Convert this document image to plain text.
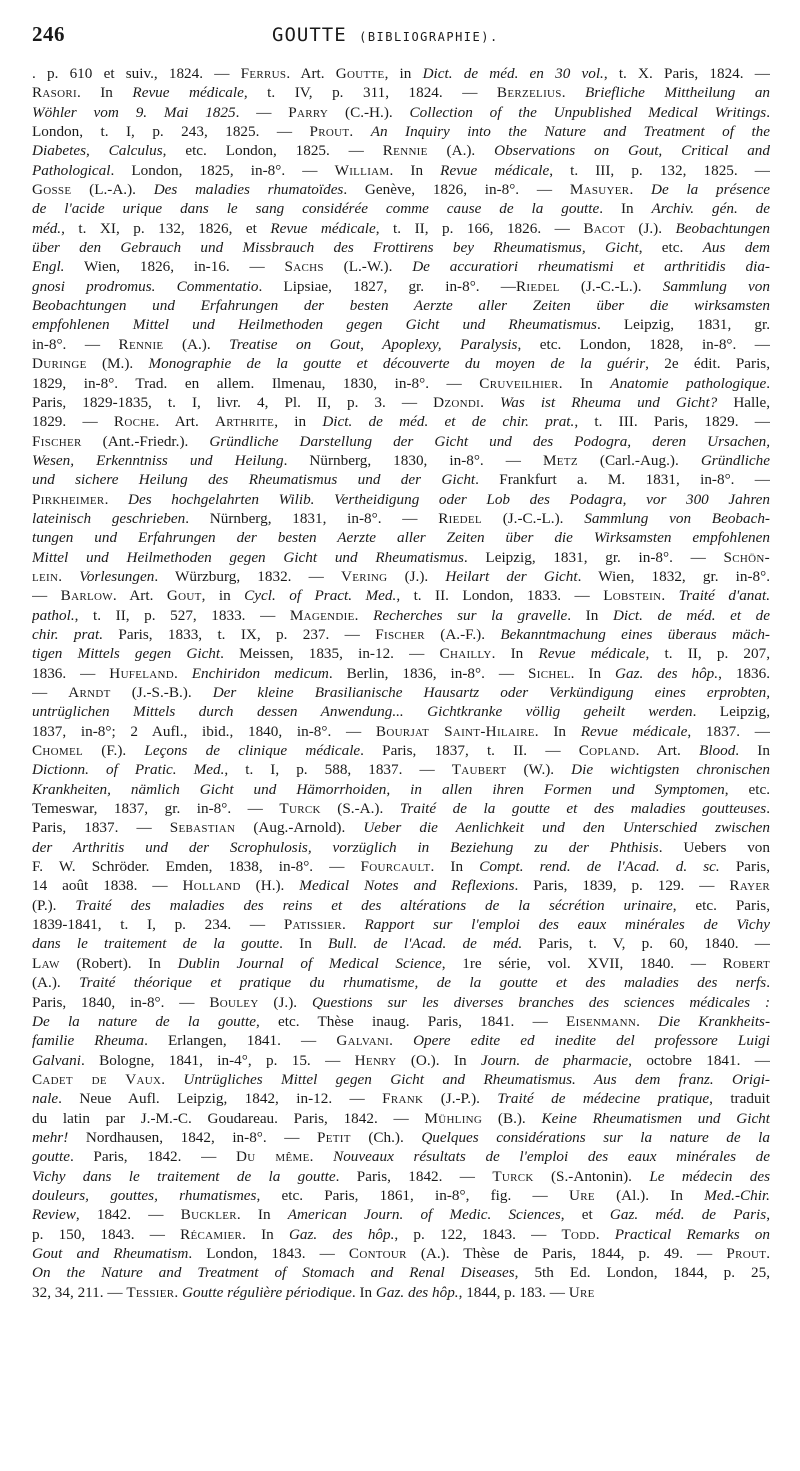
246	GOUTTE (BIBLIOGRAPHIE).
. p. 610 et suiv., 1824. — Ferrus. Art. Goutte, in Dict. de méd. en 30 vol., t. X. Paris, 1824. —
Rasori. In Revue médicale, t. IV, p. 311, 1824. — Berzelius. Briefliche Mittheilung an
Wöhler vom 9. Mai 1825. — Parry (C.-H.). Collection of the Unpublished Medical Writings.
London, t. I, p. 243, 1825. — Prout. An Inquiry into the Nature and Treatment of the
Diabetes, Calculus, etc. London, 1825. — Rennie (A.). Observations on Gout, Critical and
Pathological. London, 1825, in-8°. — William. In Revue médicale, t. III, p. 132, 1825. —
Gosse (L.-A.). Des maladies rhumatoïdes. Genève, 1826, in-8°. — Masuyer. De la présence
de l'acide urique dans le sang considérée comme cause de la goutte. In Archiv. gén. de
méd., t. XI, p. 132, 1826, et Revue médicale, t. II, p. 166, 1826. — Bacot (J.). Beobachtungen
über den Gebrauch und Missbrauch des Frottirens bey Rheumatismus, Gicht, etc. Aus dem
Engl. Wien, 1826, in-16. — Sachs (L.-W.). De accuratiori rheumatismi et arthritidis dia-
gnosi prodromus. Commentatio. Lipsiae, 1827, gr. in-8°. —Riedel (J.-C.-L.). Sammlung von
Beobachtungen und Erfahrungen der besten Aerzte aller Zeiten über die wirksamsten
empfohlenen Mittel und Heilmethoden gegen Gicht und Rheumatismus. Leipzig, 1831, gr.
in-8°. — Rennie (A.). Treatise on Gout, Apoplexy, Paralysis, etc. London, 1828, in-8°. —
Duringe (M.). Monographie de la goutte et découverte du moyen de la guérir, 2e édit. Paris,
1829, in-8°. Trad. en allem. Ilmenau, 1830, in-8°. — Cruveilhier. In Anatomie pathologique.
Paris, 1829-1835, t. I, livr. 4, Pl. II, p. 3. — Dzondi. Was ist Rheuma und Gicht? Halle,
1829. — Roche. Art. Arthrite, in Dict. de méd. et de chir. prat., t. III. Paris, 1829. —
Fischer (Ant.-Friedr.). Gründliche Darstellung der Gicht und des Podogra, deren Ursachen,
Wesen, Erkenntniss und Heilung. Nürnberg, 1830, in-8°. — Metz (Carl.-Aug.). Gründliche
und sichere Heilung des Rheumatismus und der Gicht. Frankfurt a. M. 1831, in-8°. —
Pirkheimer. Des hochgelahrten Wilib. Vertheidigung oder Lob des Podagra, vor 300 Jahren
lateinisch geschrieben. Nürnberg, 1831, in-8°. — Riedel (J.-C.-L.). Sammlung von Beobach-
tungen und Erfahrungen der besten Aerzte aller Zeiten über die Wirksamsten empfohlenen
Mittel und Heilmethoden gegen Gicht und Rheumatismus. Leipzig, 1831, gr. in-8°. — Schön-
lein. Vorlesungen. Würzburg, 1832. — Vering (J.). Heilart der Gicht. Wien, 1832, gr. in-8°.
— Barlow. Art. Gout, in Cycl. of Pract. Med., t. II. London, 1833. — Lobstein. Traité d'anat.
pathol., t. II, p. 527, 1833. — Magendie. Recherches sur la gravelle. In Dict. de méd. et de
chir. prat. Paris, 1833, t. IX, p. 237. — Fischer (A.-F.). Bekanntmachung eines überaus mäch-
tigen Mittels gegen Gicht. Meissen, 1835, in-12. — Chailly. In Revue médicale, t. II, p. 207,
1836. — Hufeland. Enchiridon medicum. Berlin, 1836, in-8°. — Sichel. In Gaz. des hôp., 1836.
— Arndt (J.-S.-B.). Der kleine Brasilianische Hausartz oder Verkündigung eines erprobten,
untrüglichen Mittels durch dessen Anwendung... Gichtkranke völlig geheilt werden. Leipzig,
1837, in-8°; 2 Aufl., ibid., 1840, in-8°. — Bourjat Saint-Hilaire. In Revue médicale, 1837. —
Chomel (F.). Leçons de clinique médicale. Paris, 1837, t. II. — Copland. Art. Blood. In
Dictionn. of Pratic. Med., t. I, p. 588, 1837. — Taubert (W.). Die wichtigsten chronischen
Krankheiten, nämlich Gicht und Hämorrhoiden, in allen ihren Formen und Symptomen, etc.
Temeswar, 1837, gr. in-8°. — Turck (S.-A.). Traité de la goutte et des maladies goutteuses.
Paris, 1837. — Sebastian (Aug.-Arnold). Ueber die Aenlichkeit und den Unterschied zwischen
der Arthritis und der Scrophulosis, vorzüglich in Beziehung zu der Phthisis. Uebers von
F. W. Schröder. Emden, 1838, in-8°. — Fourcault. In Compt. rend. de l'Acad. d. sc. Paris,
14 août 1838. — Holland (H.). Medical Notes and Reflexions. Paris, 1839, p. 129. — Rayer
(P.). Traité des maladies des reins et des altérations de la sécrétion urinaire, etc. Paris,
1839-1841, t. I, p. 234. — Patissier. Rapport sur l'emploi des eaux minérales de Vichy
dans le traitement de la goutte. In Bull. de l'Acad. de méd. Paris, t. V, p. 60, 1840. —
Law (Robert). In Dublin Journal of Medical Science, 1re série, vol. XVII, 1840. — Robert
(A.). Traité théorique et pratique du rhumatisme, de la goutte et des maladies des nerfs.
Paris, 1840, in-8°. — Bouley (J.). Questions sur les diverses branches des sciences médicales :
De la nature de la goutte, etc. Thèse inaug. Paris, 1841. — Eisenmann. Die Krankheits-
familie Rheuma. Erlangen, 1841. — Galvani. Opere edite ed inedite del professore Luigi
Galvani. Bologne, 1841, in-4°, p. 15. — Henry (O.). In Journ. de pharmacie, octobre 1841. —
Cadet de Vaux. Untrügliches Mittel gegen Gicht and Rheumatismus. Aus dem franz. Origi-
nale. Neue Aufl. Leipzig, 1842, in-12. — Frank (J.-P.). Traité de médecine pratique, traduit
du latin par J.-M.-C. Goudareau. Paris, 1842. — Mühling (B.). Keine Rheumatismen und Gicht
mehr! Nordhausen, 1842, in-8°. — Petit (Ch.). Quelques considérations sur la nature de la
goutte. Paris, 1842. — Du même. Nouveaux résultats de l'emploi des eaux minérales de
Vichy dans le traitement de la goutte. Paris, 1842. — Turck (S.-Antonin). Le médecin des
douleurs, gouttes, rhumatismes, etc. Paris, 1861, in-8°, fig. — Ure (Al.). In Med.-Chir.
Review, 1842. — Buckler. In American Journ. of Medic. Sciences, et Gaz. méd. de Paris,
p. 150, 1843. — Récamier. In Gaz. des hôp., p. 122, 1843. — Todd. Practical Remarks on
Gout and Rheumatism. London, 1843. — Contour (A.). Thèse de Paris, 1844, p. 49. — Prout.
On the Nature and Treatment of Stomach and Renal Diseases, 5th Ed. London, 1844, p. 25,
32, 34, 211. — Tessier. Goutte régulière périodique. In Gaz. des hôp., 1844, p. 183. — Ure
